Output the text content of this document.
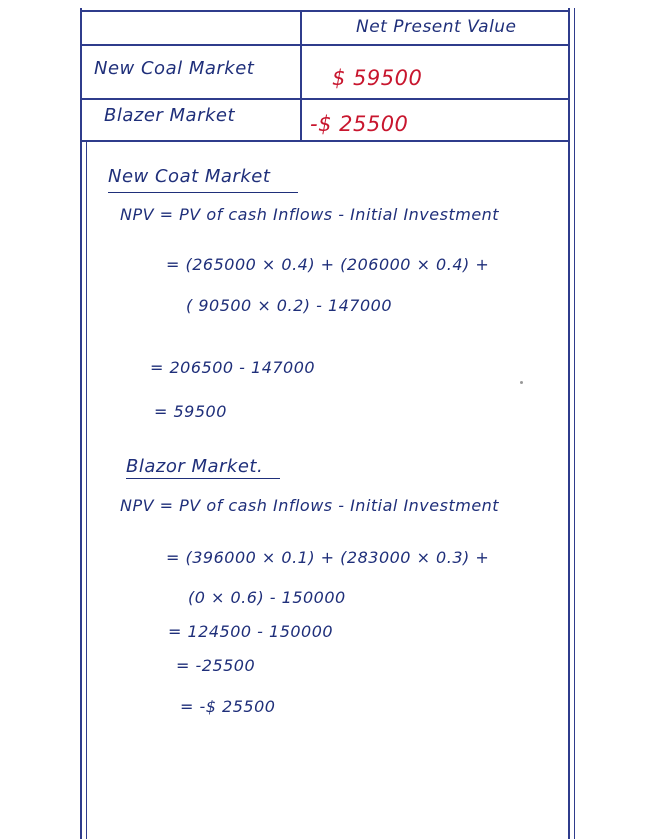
Net Present Value
New Coal Market	$ 59500
Blazer Market	-$ 25500
New Coat Market
NPV = PV of cash Inflows - Initial Investment
= (265000 × 0.4) + (206000 × 0.4) +
( 90500 × 0.2) - 147000
= 206500 - 147000
= 59500
Blazor Market.
NPV = PV of cash Inflows - Initial Investment
= (396000 × 0.1) + (283000 × 0.3) +
(0 × 0.6) - 150000
= 124500 - 150000
= -25500
= -$ 25500
